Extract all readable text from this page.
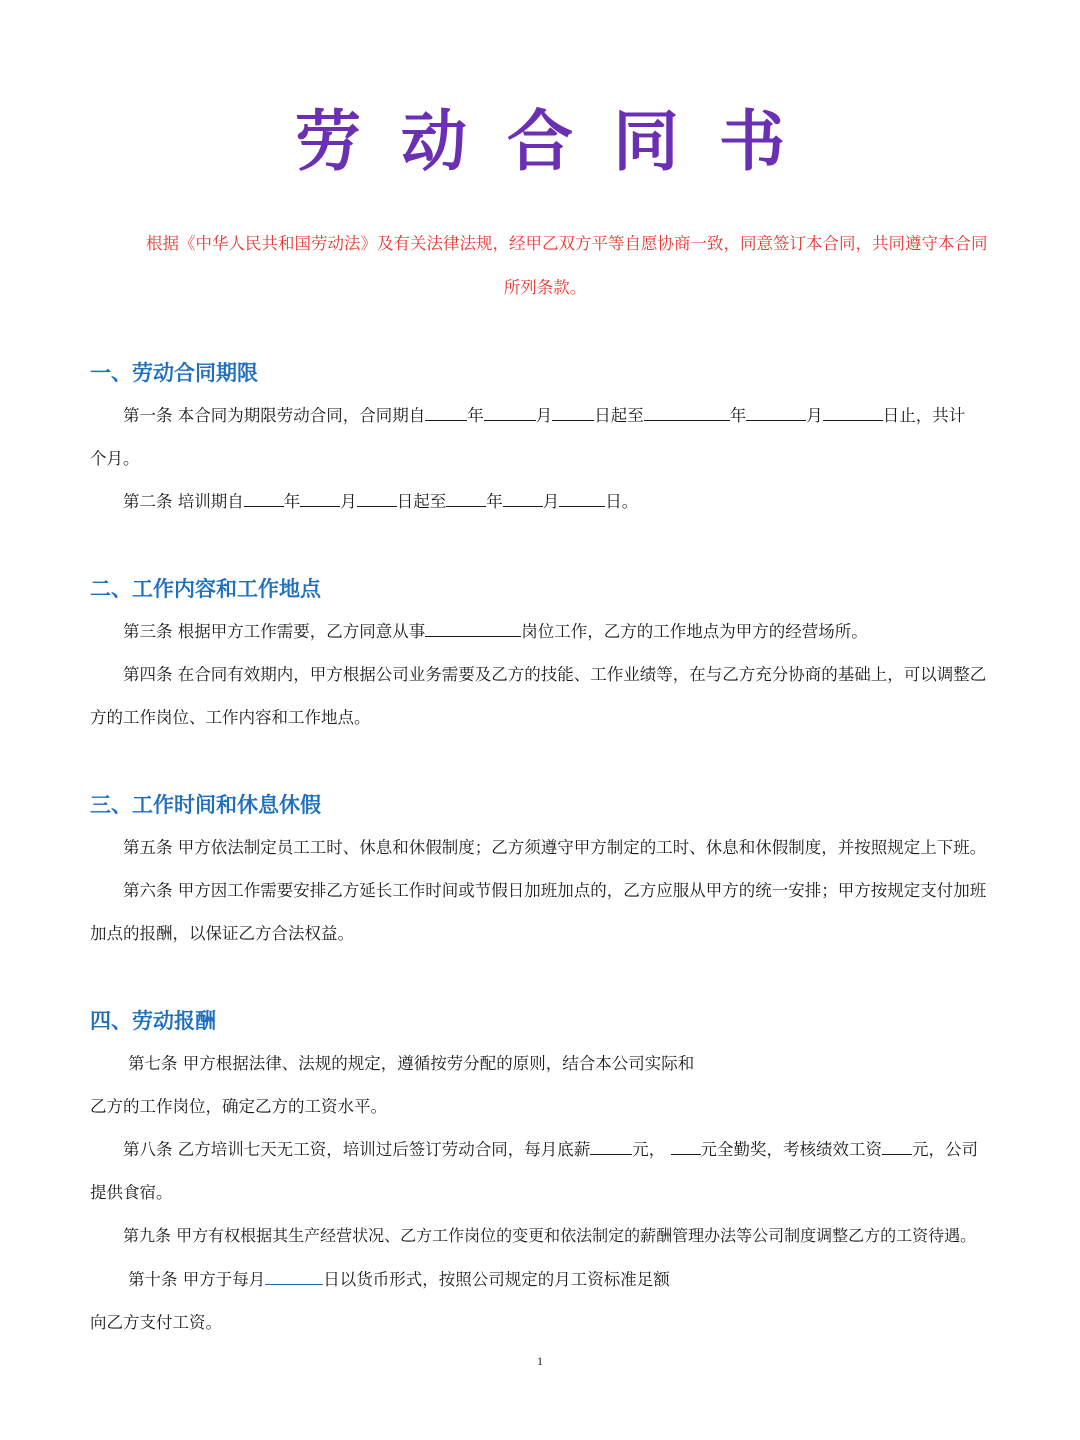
劳动合同书

根据《中华人民共和国劳动法》及有关法律法规，经甲乙双方平等自愿协商一致，同意签订本合同，共同遵守本合同
所列条款。

一、劳动合同期限

第一条 本合同为期限劳动合同，合同期自	年	月	日起至	年	月	日止，共计

个月。

第二条 培训期自 年 月 日起至 年 月	日。

二、工作内容和工作地点

第三条 根据甲方工作需要，乙方同意从事	岗位工作，乙方的工作地点为甲方的经营场所。

第四条 在合同有效期内，甲方根据公司业务需要及乙方的技能、工作业绩等，在与乙方充分协商的基础上，可以调整乙方的工作岗位、工作内容和工作地点。

三、工作时间和休息休假

第五条 甲方依法制定员工工时、休息和休假制度；乙方须遵守甲方制定的工时、休息和休假制度，并按照规定上下班。

第六条 甲方因工作需要安排乙方延长工作时间或节假日加班加点的，乙方应服从甲方的统一安排；甲方按规定支付加班加点的报酬，以保证乙方合法权益。

四、劳动报酬

第七条 甲方根据法律、法规的规定，遵循按劳分配的原则，结合本公司实际和

乙方的工作岗位，确定乙方的工资水平。

第八条 乙方培训七天无工资，培训过后签订劳动合同，每月底薪	元， 元全勤奖，考核绩效工资 元，公司

提供食宿。

第九条 甲方有权根据其生产经营状况、乙方工作岗位的变更和依法制定的薪酬管理办法等公司制度调整乙方的工资待遇。

第十条 甲方于每月	日以货币形式，按照公司规定的月工资标准足额

向乙方支付工资。

1
